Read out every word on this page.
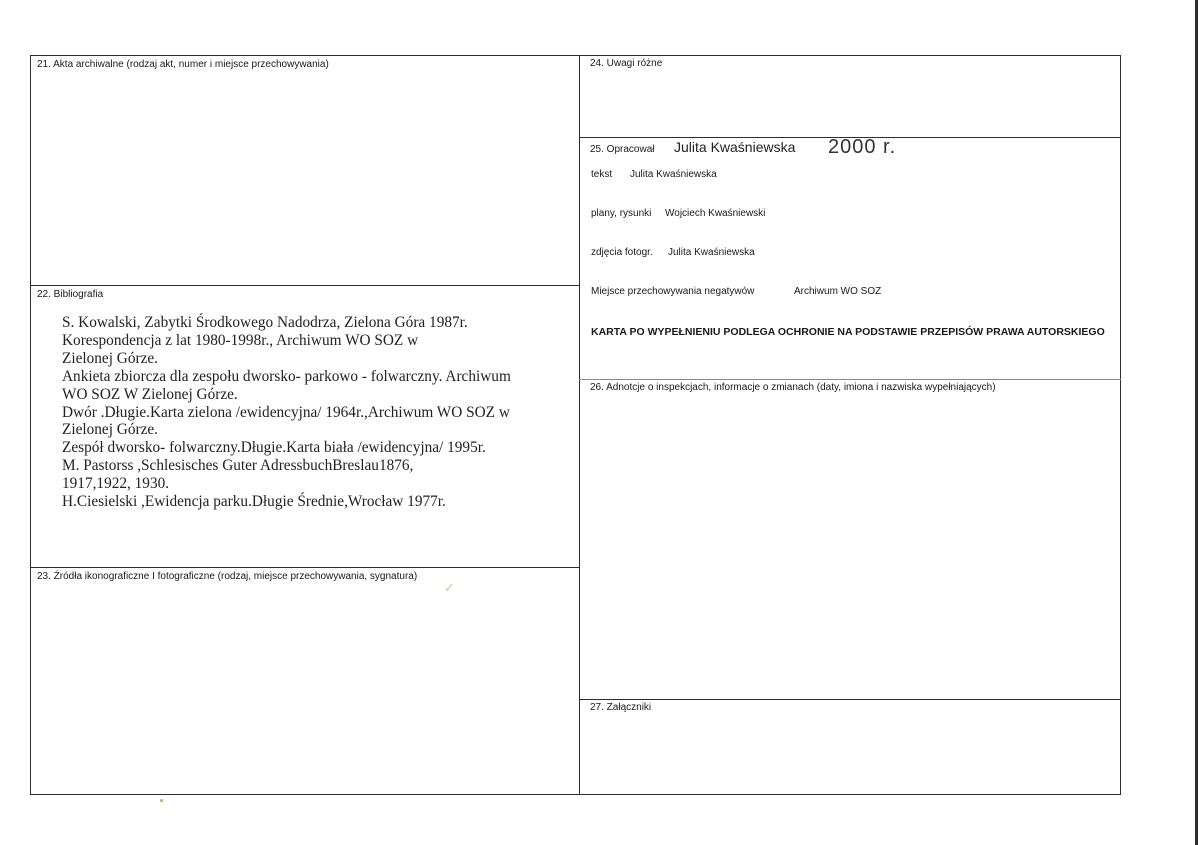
21. Akta archiwalne (rodzaj akt, numer i miejsce przechowywania)
22. Bibliografia
S. Kowalski, Zabytki Środkowego Nadodrza, Zielona Góra 1987r.
Korespondencja z lat 1980-1998r., Archiwum WO SOZ w
Zielonej Górze.
Ankieta zbiorcza dla zespołu dworsko- parkowo - folwarczny. Archiwum
WO SOZ W Zielonej Górze.
Dwór .Długie.Karta zielona /ewidencyjna/ 1964r.,Archiwum WO SOZ w
Zielonej Górze.
Zespół dworsko- folwarczny.Długie.Karta biała /ewidencyjna/ 1995r.
M. Pastorss ,Schlesisches Guter AdressbuchBreslau1876,
1917,1922, 1930.
H.Ciesielski ,Ewidencja parku.Długie Średnie,Wrocław 1977r.
23. Źródła ikonograficzne I fotograficzne (rodzaj, miejsce przechowywania, sygnatura)
24. Uwagi różne
25. Opracował Julita Kwaśniewska 2000 r.
tekst Julita Kwaśniewska
plany, rysunki Wojciech Kwaśniewski
zdjęcia fotogr. Julita Kwaśniewska
Miejsce przechowywania negatywów	Archiwum WO SOZ
KARTA PO WYPEŁNIENIU PODLEGA OCHRONIE NA PODSTAWIE PRZEPISÓW PRAWA AUTORSKIEGO
26. Adnotcje o inspekcjach, informacje o zmianach (daty, imiona i nazwiska wypełniających)
27. Załączniki
✓
